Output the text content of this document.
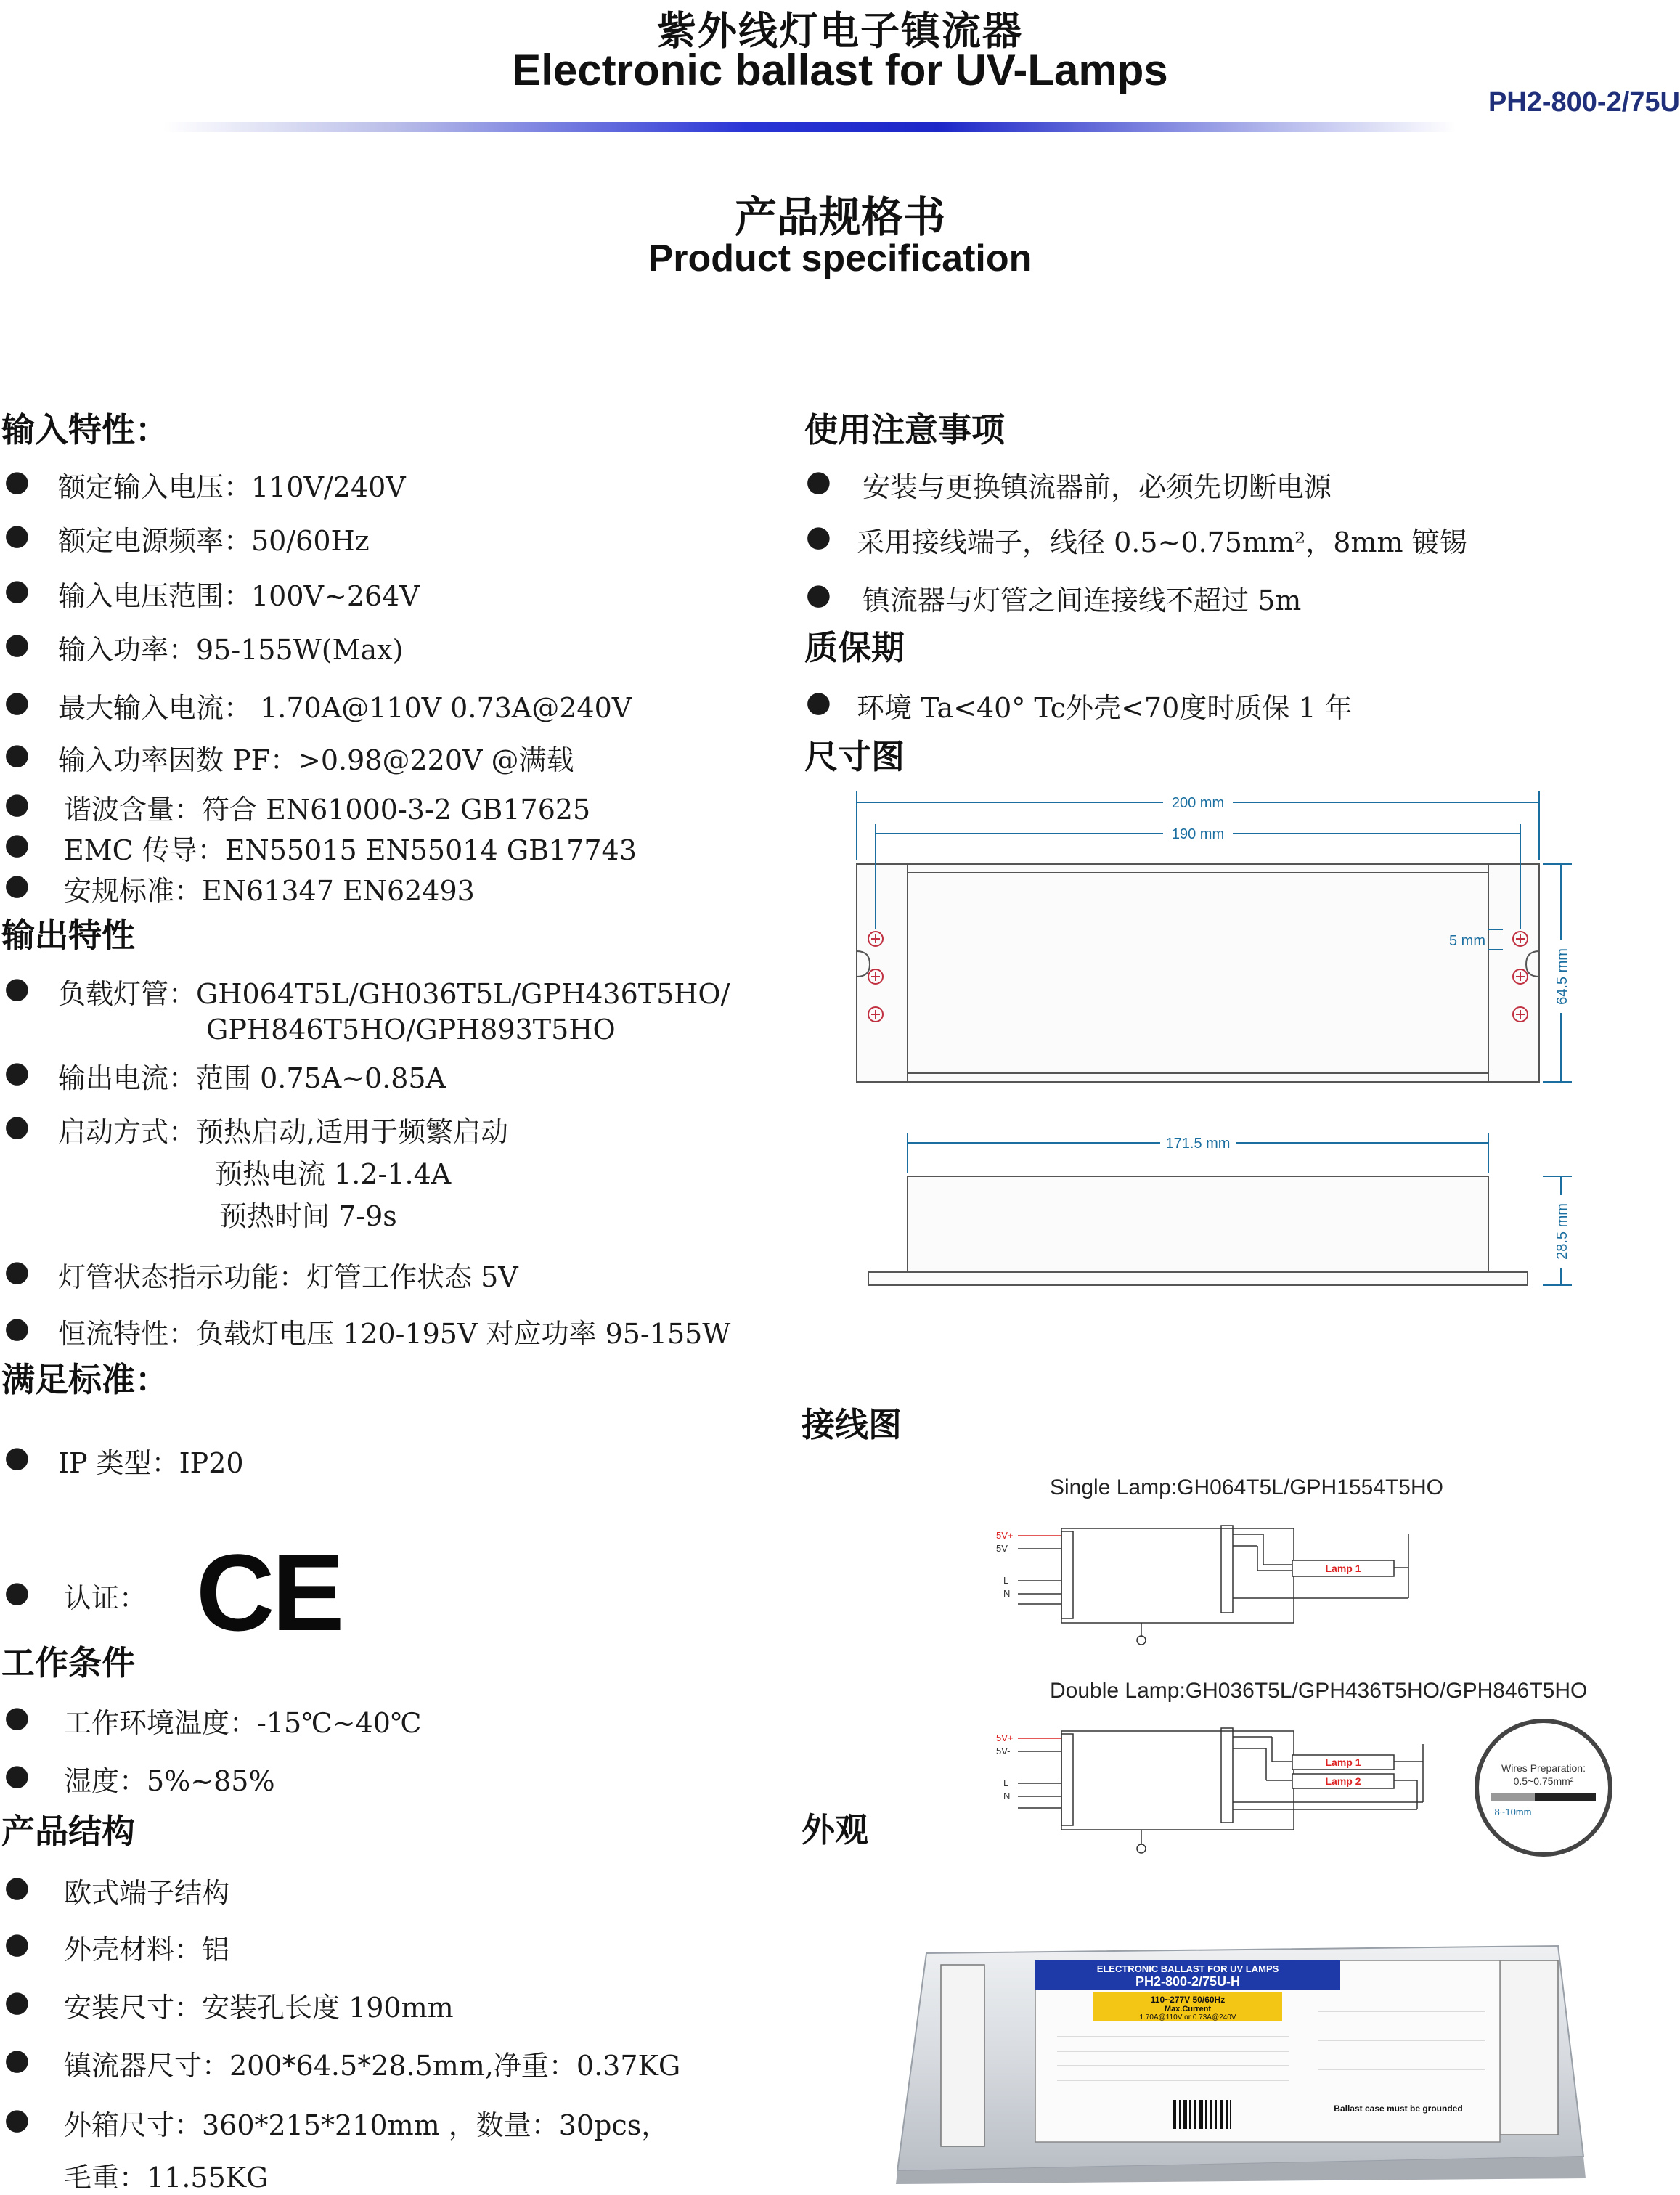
紫外线灯电子镇流器
Electronic ballast for UV-Lamps
PH2-800-2/75U
产品规格书
Product specification
输入特性：
● 额定输入电压：110V/240V
● 额定电源频率：50/60Hz
● 输入电压范围：100V~264V
● 输入功率：95-155W(Max)
● 最大输入电流： 1.70A@110V 0.73A@240V
● 输入功率因数 PF：>0.98@220V @满载
● 谐波含量：符合 EN61000-3-2 GB17625
● EMC 传导：EN55015 EN55014 GB17743
● 安规标准：EN61347 EN62493
输出特性
● 负载灯管：GH064T5L/GH036T5L/GPH436T5HO/
GPH846T5HO/GPH893T5HO
● 输出电流：范围 0.75A~0.85A
● 启动方式：预热启动,适用于频繁启动
预热电流 1.2-1.4A
预热时间 7-9s
● 灯管状态指示功能：灯管工作状态 5V
● 恒流特性：负载灯电压 120-195V 对应功率 95-155W
满足标准：
● IP 类型：IP20
● 认证： CE
工作条件
● 工作环境温度：-15℃~40℃
● 湿度：5%~85%
产品结构
● 欧式端子结构
● 外壳材料：铝
● 安装尺寸：安装孔长度 190mm
● 镇流器尺寸：200*64.5*28.5mm,净重：0.37KG
● 外箱尺寸：360*215*210mm ，数量：30pcs，
毛重：11.55KG
使用注意事项
● 安装与更换镇流器前，必须先切断电源
● 采用接线端子，线径 0.5~0.75mm²，8mm 镀锡
● 镇流器与灯管之间连接线不超过 5m
质保期
● 环境 Ta<40° Tc外壳<70度时质保 1 年
尺寸图
200 mm
190 mm
5 mm
64.5 mm
171.5 mm
28.5 mm
接线图
Single Lamp:GH064T5L/GPH1554T5HO
5V+
5V-
L
N
Lamp 1
Double Lamp:GH036T5L/GPH436T5HO/GPH846T5HO
5V+
5V-
L
N
Lamp 1
Lamp 2
Wires Preparation:
0.5~0.75mm²
8~10mm
外观
ELECTRONIC BALLAST FOR UV LAMPS
PH2-800-2/75U-H
110~277V 50/60Hz
Max.Current
1.70A@110V or 0.73A@240V
Ballast case must be grounded
